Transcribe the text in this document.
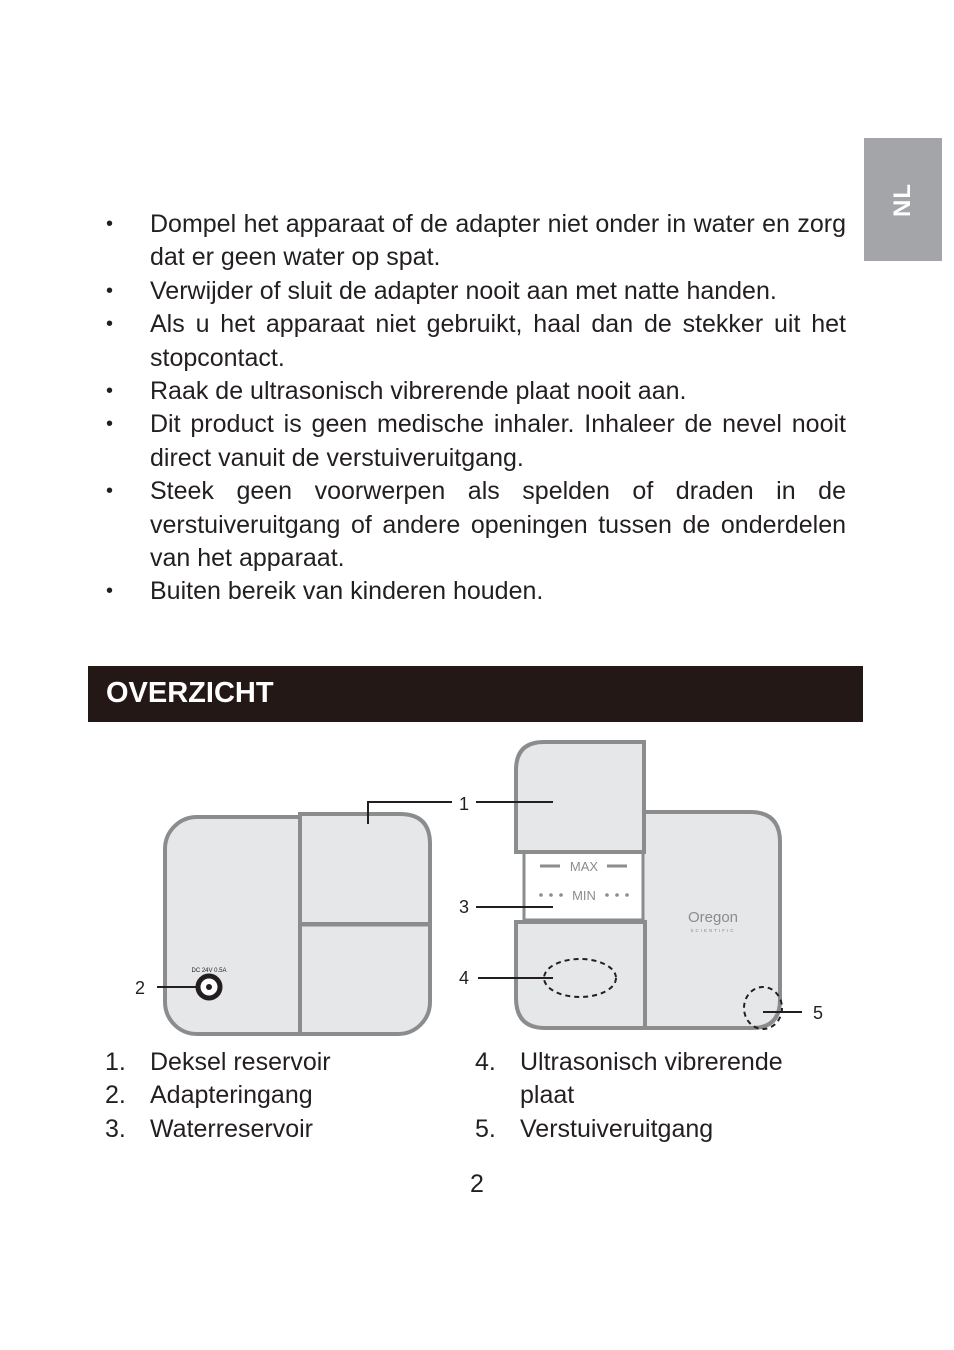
NL
• Dompel het apparaat of de adapter niet onder in water en zorg dat er geen water op spat.
• Verwijder of sluit de adapter nooit aan met natte handen.
• Als u het apparaat niet gebruikt, haal dan de stekker uit het stopcontact.
• Raak de ultrasonisch vibrerende plaat nooit aan.
• Dit product is geen medische inhaler. Inhaleer de nevel nooit direct vanuit de verstuiveruitgang.
• Steek geen voorwerpen als spelden of draden in de verstuiveruitgang of andere openingen tussen de onderdelen van het apparaat.
• Buiten bereik van kinderen houden.
OVERZICHT
DC 24V 0.5A
MAX
MIN
Oregon
SCIENTIFIC
1
2
3
4
5
1. Deksel reservoir
2. Adapteringang
3. Waterreservoir
4. Ultrasonisch vibrerende plaat
5. Verstuiveruitgang
2
